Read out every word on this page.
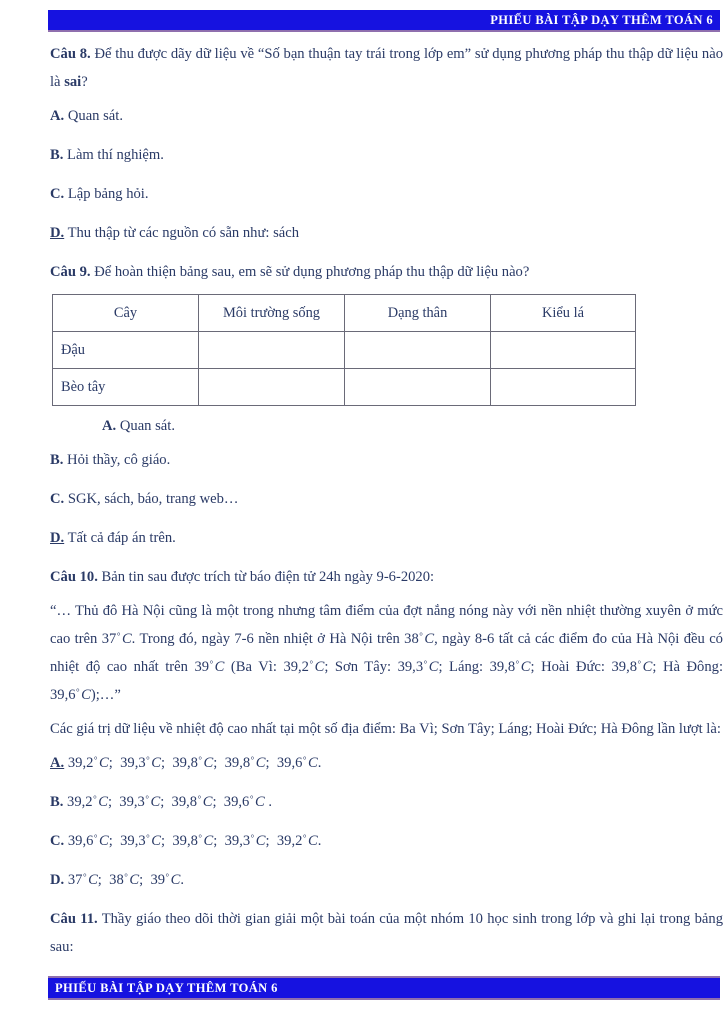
PHIẾU BÀI TẬP DẠY THÊM TOÁN 6

Câu 8. Để thu được dãy dữ liệu về “Số bạn thuận tay trái trong lớp em” sử dụng phương pháp thu thập dữ liệu nào là sai?

A. Quan sát.

B. Làm thí nghiệm.

C. Lập bảng hỏi.

D. Thu thập từ các nguồn có sẵn như: sách

Câu 9. Để hoàn thiện bảng sau, em sẽ sử dụng phương pháp thu thập dữ liệu nào?

Cây	Môi trường sống	Dạng thân	Kiểu lá
Đậu			
Bèo tây			

A. Quan sát.

B. Hỏi thầy, cô giáo.

C. SGK, sách, báo, trang web…

D. Tất cả đáp án trên.

Câu 10. Bản tin sau được trích từ báo điện tử 24h ngày 9-6-2020:

“… Thủ đô Hà Nội cũng là một trong nhưng tâm điểm của đợt nắng nóng này với nền nhiệt thường xuyên ở mức cao trên 37° C. Trong đó, ngày 7-6 nền nhiệt ở Hà Nội trên 38° C, ngày 8-6 tất cả các điểm đo của Hà Nội đều có nhiệt độ cao nhất trên 39° C (Ba Vì: 39,2° C; Sơn Tây: 39,3° C; Láng: 39,8° C; Hoài Đức: 39,8° C; Hà Đông: 39,6° C);…”

Các giá trị dữ liệu về nhiệt độ cao nhất tại một số địa điểm: Ba Vì; Sơn Tây; Láng; Hoài Đức; Hà Đông lần lượt là:

A. 39,2° C;  39,3° C;  39,8° C;  39,8° C;  39,6° C.

B. 39,2° C;  39,3° C;  39,8° C;  39,6° C .

C. 39,6° C;  39,3° C;  39,8° C;  39,3° C;  39,2° C.

D. 37° C;  38° C;  39° C.

Câu 11. Thầy giáo theo dõi thời gian giải một bài toán của một nhóm 10 học sinh trong lớp và ghi lại trong bảng sau:

PHIẾU BÀI TẬP DẠY THÊM TOÁN 6
